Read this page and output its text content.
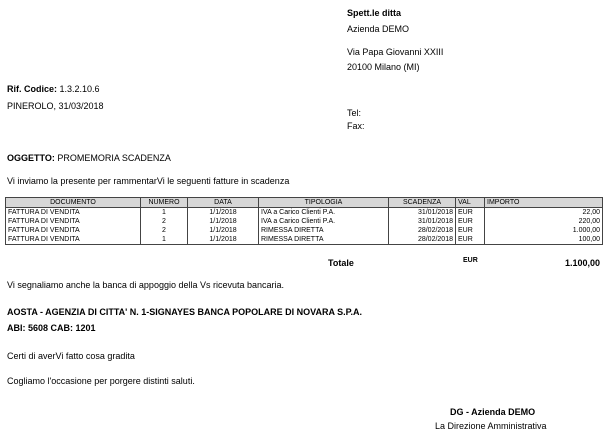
Spett.le ditta
Azienda DEMO
Via Papa Giovanni XXIII
20100 Milano (MI)
Tel:
Fax:
Rif. Codice: 1.3.2.10.6
PINEROLO, 31/03/2018
OGGETTO: PROMEMORIA SCADENZA
Vi inviamo la presente per rammentarVi le seguenti fatture in scadenza
DOCUMENTO	NUMERO	DATA	TIPOLOGIA	SCADENZA	VAL	IMPORTO
FATTURA DI VENDITA	1	1/1/2018	IVA a Carico Clienti P.A.	31/01/2018	EUR	22,00
FATTURA DI VENDITA	2	1/1/2018	IVA a Carico Clienti P.A.	31/01/2018	EUR	220,00
FATTURA DI VENDITA	2	1/1/2018	RIMESSA DIRETTA	28/02/2018	EUR	1.000,00
FATTURA DI VENDITA	1	1/1/2018	RIMESSA DIRETTA	28/02/2018	EUR	100,00
Totale	EUR	1.100,00
Vi segnaliamo anche la banca di appoggio della Vs ricevuta bancaria.
AOSTA - AGENZIA DI CITTA' N. 1-SIGNAYES BANCA POPOLARE DI NOVARA S.P.A.
ABI: 5608 CAB: 1201
Certi di averVi fatto cosa gradita
Cogliamo l'occasione per porgere distinti saluti.
DG - Azienda DEMO
La Direzione Amministrativa
